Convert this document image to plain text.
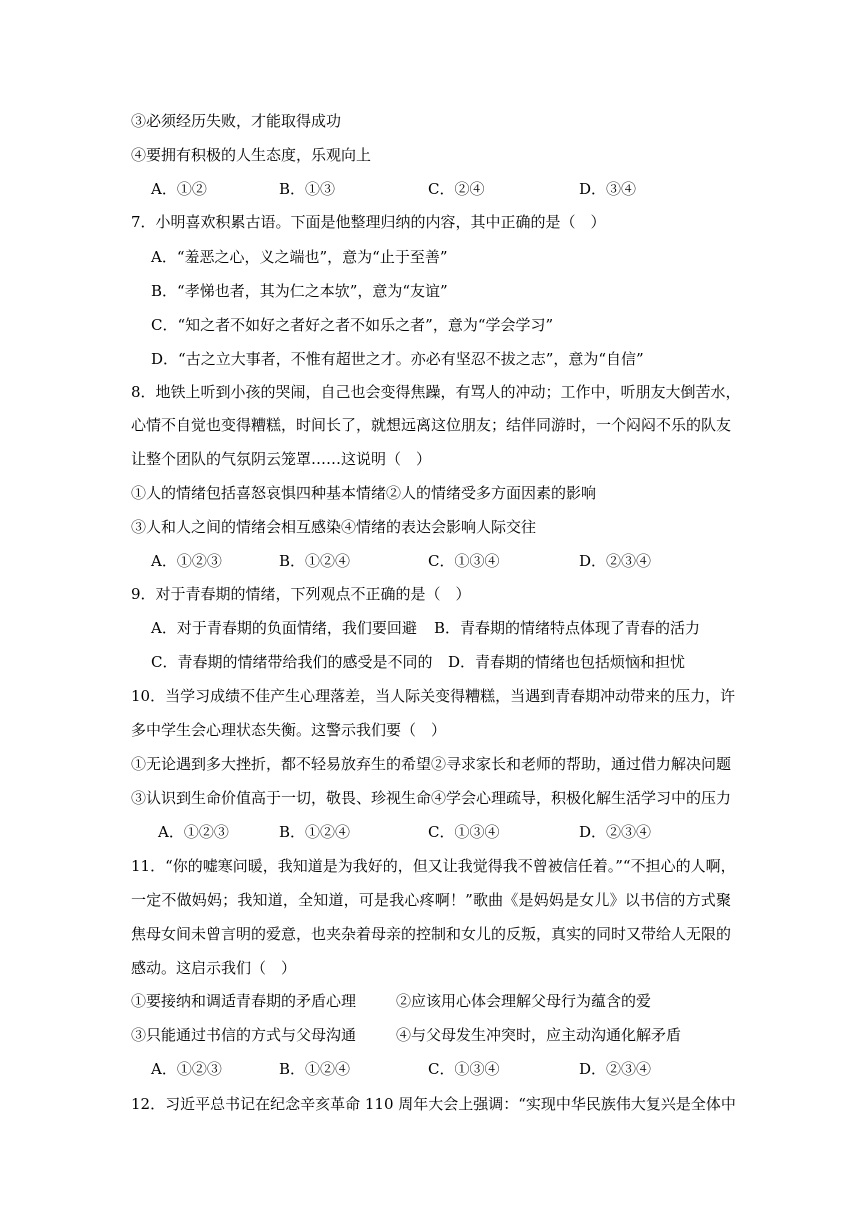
③必须经历失败，才能取得成功

④要拥有积极的人生态度，乐观向上

A．①②	B．①③	C．②④	D．③④

7．小明喜欢积累古语。下面是他整理归纳的内容，其中正确的是（　）

A．“羞恶之心，义之端也”，意为“止于至善”

B．“孝悌也者，其为仁之本欤”，意为“友谊”

C．“知之者不如好之者好之者不如乐之者”，意为“学会学习”

D．“古之立大事者，不惟有超世之才。亦必有坚忍不拔之志”，意为“自信”

8．地铁上听到小孩的哭闹，自己也会变得焦躁，有骂人的冲动；工作中，听朋友大倒苦水，

心情不自觉也变得糟糕，时间长了，就想远离这位朋友；结伴同游时，一个闷闷不乐的队友

让整个团队的气氛阴云笼罩……这说明（　）

①人的情绪包括喜怒哀惧四种基本情绪②人的情绪受多方面因素的影响

③人和人之间的情绪会相互感染④情绪的表达会影响人际交往

A．①②③	B．①②④	C．①③④	D．②③④

9．对于青春期的情绪，下列观点不正确的是（　）

A．对于青春期的负面情绪，我们要回避 B．青春期的情绪特点体现了青春的活力
C．青春期的情绪带给我们的感受是不同的 D．青春期的情绪也包括烦恼和担忧

10．当学习成绩不佳产生心理落差，当人际关变得糟糕，当遇到青春期冲动带来的压力，许

多中学生会心理状态失衡。这警示我们要（　）

①无论遇到多大挫折，都不轻易放弃生的希望②寻求家长和老师的帮助，通过借力解决问题

③认识到生命价值高于一切，敬畏、珍视生命④学会心理疏导，积极化解生活学习中的压力

A．①②③	B．①②④	C．①③④	D．②③④

11．“你的嘘寒问暖，我知道是为我好的，但又让我觉得我不曾被信任着。”“不担心的人啊，

一定不做妈妈；我知道，全知道，可是我心疼啊！”歌曲《是妈妈是女儿》以书信的方式聚

焦母女间未曾言明的爱意，也夹杂着母亲的控制和女儿的反叛，真实的同时又带给人无限的

感动。这启示我们（　）

①要接纳和调适青春期的矛盾心理	②应该用心体会理解父母行为蕴含的爱
③只能通过书信的方式与父母沟通	④与父母发生冲突时，应主动沟通化解矛盾
A．①②③	B．①②④	C．①③④	D．②③④

12．习近平总书记在纪念辛亥革命 110 周年大会上强调：“实现中华民族伟大复兴是全体中
